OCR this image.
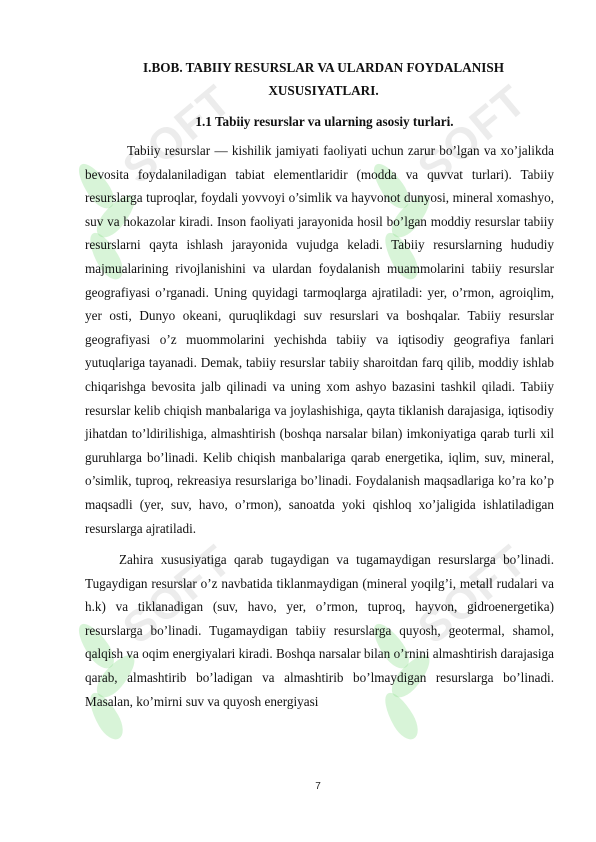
SOFT	SOFT
SOFT	SOFT
I.BOB. TABIIY RESURSLAR VA ULARDAN FOYDALANISH XUSUSIYATLARI.
1.1 Tabiiy resurslar va ularning asosiy turlari.

Tabiiy resurslar — kishilik jamiyati faoliyati uchun zarur bo’lgan va xo’jalikda bevosita foydalaniladigan tabiat elementlaridir (modda va quvvat turlari). Tabiiy resurslarga tuproqlar, foydali yovvoyi o’simlik va hayvonot dunyosi, mineral xomashyo, suv va hokazolar kiradi. Inson faoliyati jarayonida hosil bo’lgan moddiy resurslar tabiiy resurslarni qayta ishlash jarayonida vujudga keladi. Tabiiy resurslarning hududiy majmualarining rivojlanishini va ulardan foydalanish muammolarini tabiiy resurslar geografiyasi o’rganadi. Uning quyidagi tarmoqlarga ajratiladi: yer, o’rmon, agroiqlim, yer osti, Dunyo okeani, quruqlikdagi suv resurslari va boshqalar. Tabiiy resurslar geografiyasi o’z muommolarini yechishda tabiiy va iqtisodiy geografiya fanlari yutuqlariga tayanadi. Demak, tabiiy resurslar tabiiy sharoitdan farq qilib, moddiy ishlab chiqarishga bevosita jalb qilinadi va uning xom ashyo bazasini tashkil qiladi. Tabiiy resurslar kelib chiqish manbalariga va joylashishiga, qayta tiklanish darajasiga, iqtisodiy jihatdan to’ldirilishiga, almashtirish (boshqa narsalar bilan) imkoniyatiga qarab turli xil guruhlarga bo’linadi. Kelib chiqish manbalariga qarab energetika, iqlim, suv, mineral, o’simlik, tuproq, rekreasiya resurslariga bo’linadi. Foydalanish maqsadlariga ko’ra ko’p maqsadli (yer, suv, havo, o’rmon), sanoatda yoki qishloq xo’jaligida ishlatiladigan resurslarga ajratiladi.

Zahira xususiyatiga qarab tugaydigan va tugamaydigan resurslarga bo’linadi. Tugaydigan resurslar o’z navbatida tiklanmaydigan (mineral yoqilg’i, metall rudalari va h.k) va tiklanadigan (suv, havo, yer, o’rmon, tuproq, hayvon, gidroenergetika) resurslarga bo’linadi. Tugamaydigan tabiiy resurslarga quyosh, geotermal, shamol, qalqish va oqim energiyalari kiradi. Boshqa narsalar bilan o’rnini almashtirish darajasiga qarab, almashtirib bo’ladigan va almashtirib bo’lmaydigan resurslarga bo’linadi. Masalan, ko’mirni suv va quyosh energiyasi

7
